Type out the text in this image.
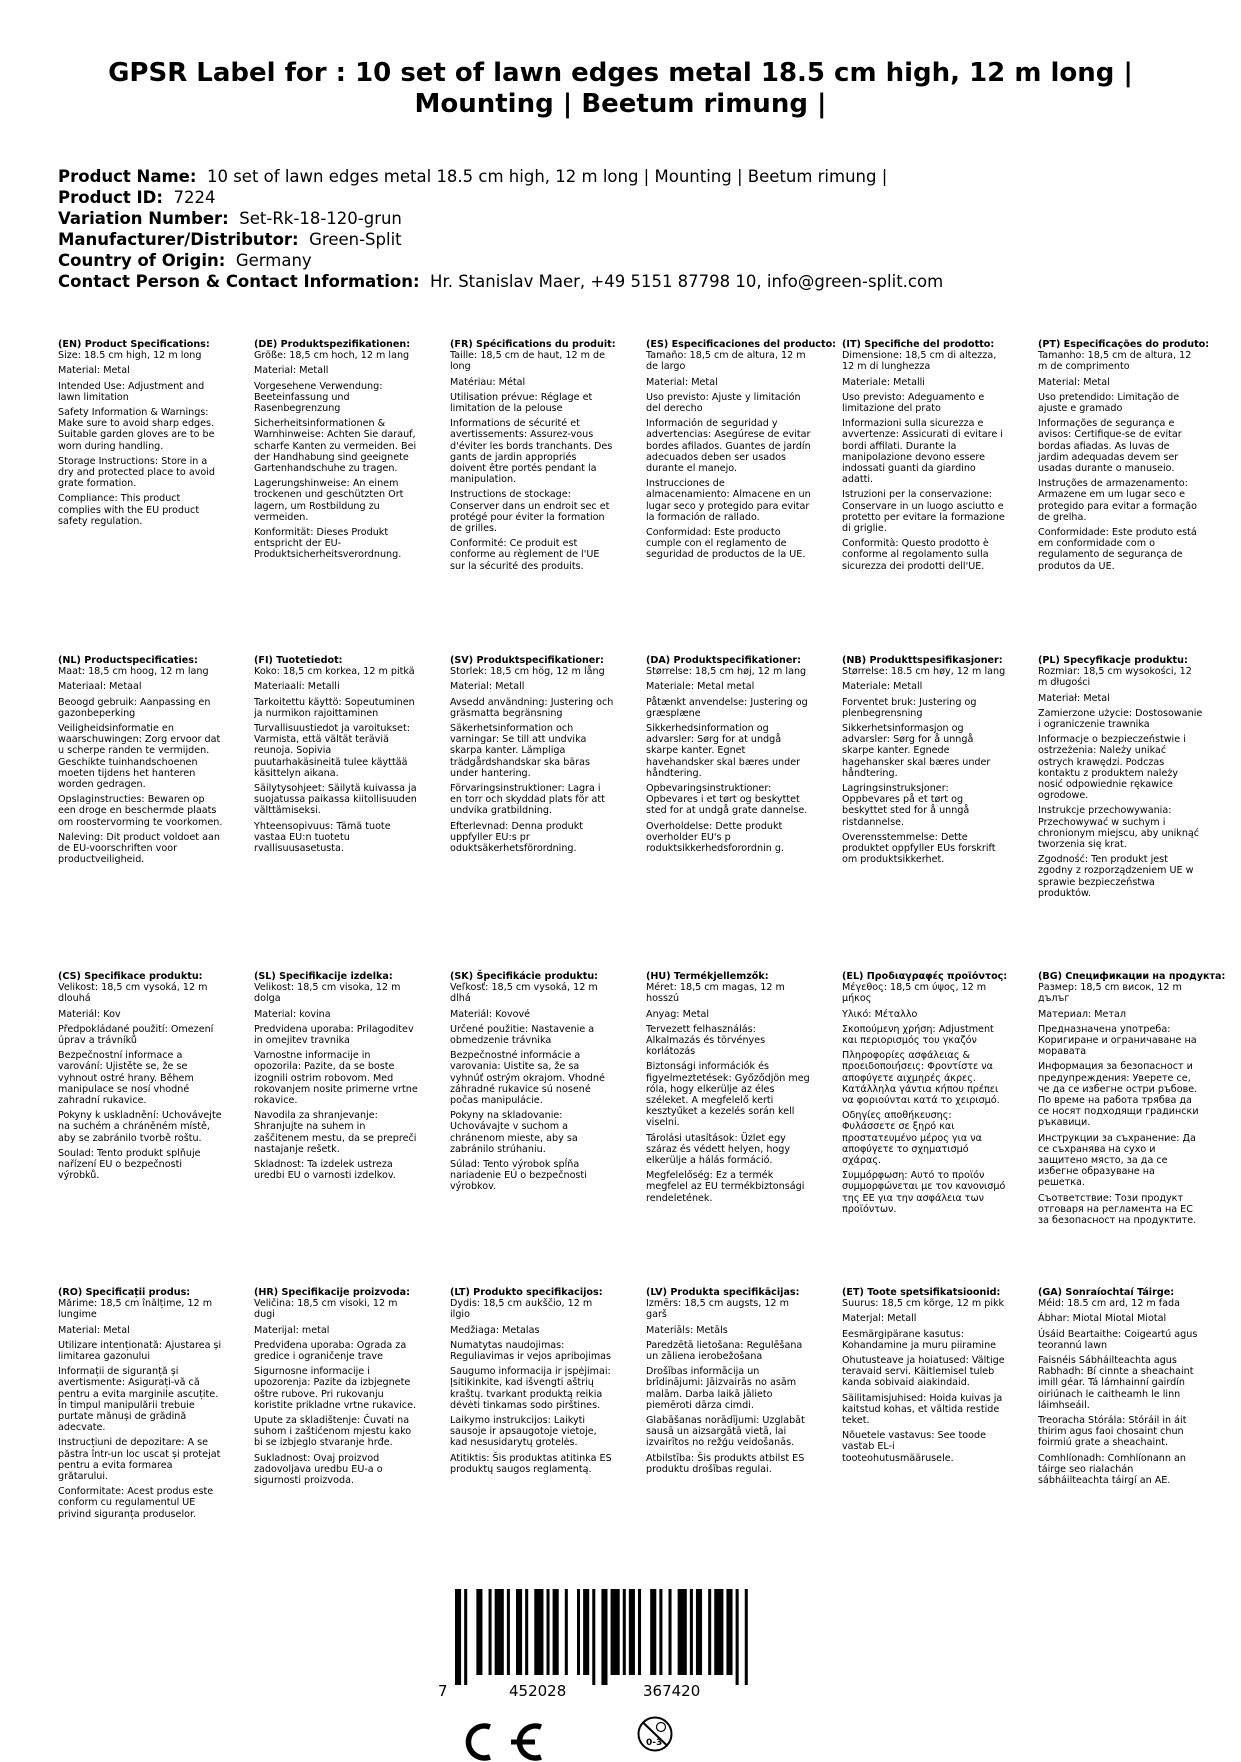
GPSR Label for : 10 set of lawn edges metal 18.5 cm high, 12 m long | Mounting | Beetum rimung |
Product Name: 10 set of lawn edges metal 18.5 cm high, 12 m long | Mounting | Beetum rimung |
Product ID: 7224
Variation Number: Set-Rk-18-120-grun
Manufacturer/Distributor: Green-Split
Country of Origin: Germany
Contact Person & Contact Information: Hr. Stanislav Maer, +49 5151 87798 10, info@green-split.com
(EN) Product Specifications:
Size: 18.5 cm high, 12 m long
Material: Metal
Intended Use: Adjustment and lawn limitation
Safety Information & Warnings: Make sure to avoid sharp edges. Suitable garden gloves are to be worn during handling.
Storage Instructions: Store in a dry and protected place to avoid grate formation.
Compliance: This product complies with the EU product safety regulation.
(DE) Produktspezifikationen:
Größe: 18,5 cm hoch, 12 m lang
Material: Metall
Vorgesehene Verwendung: Beeteinfassung und Rasenbegrenzung
Sicherheitsinformationen & Warnhinweise: Achten Sie darauf, scharfe Kanten zu vermeiden. Bei der Handhabung sind geeignete Gartenhandschuhe zu tragen.
Lagerungshinweise: An einem trockenen und geschützten Ort lagern, um Rostbildung zu vermeiden.
Konformität: Dieses Produkt entspricht der EU-Produktsicherheitsverordnung.
(FR) Spécifications du produit:
Taille: 18,5 cm de haut, 12 m de long
Matériau: Métal
Utilisation prévue: Réglage et limitation de la pelouse
Informations de sécurité et avertissements: Assurez-vous d'éviter les bords tranchants. Des gants de jardin appropriés doivent être portés pendant la manipulation.
Instructions de stockage: Conserver dans un endroit sec et protégé pour éviter la formation de grilles.
Conformité: Ce produit est conforme au règlement de l'UE sur la sécurité des produits.
(ES) Especificaciones del producto:
Tamaño: 18,5 cm de altura, 12 m de largo
Material: Metal
Uso previsto: Ajuste y limitación del derecho
Información de seguridad y advertencias: Asegúrese de evitar bordes afilados. Guantes de jardín adecuados deben ser usados durante el manejo.
Instrucciones de almacenamiento: Almacene en un lugar seco y protegido para evitar la formación de rallado.
Conformidad: Este producto cumple con el reglamento de seguridad de productos de la UE.
(IT) Specifiche del prodotto:
Dimensione: 18,5 cm di altezza, 12 m di lunghezza
Materiale: Metalli
Uso previsto: Adeguamento e limitazione del prato
Informazioni sulla sicurezza e avvertenze: Assicurati di evitare i bordi affilati. Durante la manipolazione devono essere indossati guanti da giardino adatti.
Istruzioni per la conservazione: Conservare in un luogo asciutto e protetto per evitare la formazione di griglie.
Conformità: Questo prodotto è conforme al regolamento sulla sicurezza dei prodotti dell'UE.
(PT) Especificações do produto:
Tamanho: 18,5 cm de altura, 12 m de comprimento
Material: Metal
Uso pretendido: Limitação de ajuste e gramado
Informações de segurança e avisos: Certifique-se de evitar bordas afiadas. As luvas de jardim adequadas devem ser usadas durante o manuseio.
Instruções de armazenamento: Armazene em um lugar seco e protegido para evitar a formação de grelha.
Conformidade: Este produto está em conformidade com o regulamento de segurança de produtos da UE.
(NL) Productspecificaties:
Maat: 18,5 cm hoog, 12 m lang
Materiaal: Metaal
Beoogd gebruik: Aanpassing en gazonbeperking
Veiligheidsinformatie en waarschuwingen: Zorg ervoor dat u scherpe randen te vermijden. Geschikte tuinhandschoenen moeten tijdens het hanteren worden gedragen.
Opslaginstructies: Bewaren op een droge en beschermde plaats om roostervorming te voorkomen.
Naleving: Dit product voldoet aan de EU-voorschriften voor productveiligheid.
(FI) Tuotetiedot:
Koko: 18,5 cm korkea, 12 m pitkä
Materiaali: Metalli
Tarkoitettu käyttö: Sopeutuminen ja nurmikon rajoittaminen
Turvallisuustiedot ja varoitukset: Varmista, että vältät teräviä reunoja. Sopivia puutarhakäsineitä tulee käyttää käsittelyn aikana.
Säilytysohjeet: Säilytä kuivassa ja suojatussa paikassa kiitollisuuden välttämiseksi.
Yhteensopivuus: Tämä tuote vastaa EU:n tuotetu rvallisuusasetusta.
(SV) Produktspecifikationer:
Storlek: 18,5 cm hög, 12 m lång
Material: Metall
Avsedd användning: Justering och gräsmatta begränsning
Säkerhetsinformation och varningar: Se till att undvika skarpa kanter. Lämpliga trädgårdshandskar ska bäras under hantering.
Förvaringsinstruktioner: Lagra i en torr och skyddad plats för att undvika gratbildning.
Efterlevnad: Denna produkt uppfyller EU:s pr oduktsäkerhetsförordning.
(DA) Produktspecifikationer:
Størrelse: 18,5 cm høj, 12 m lang
Materiale: Metal metal
Påtænkt anvendelse: Justering og græsplæne
Sikkerhedsinformation og advarsler: Sørg for at undgå skarpe kanter. Egnet havehandsker skal bæres under håndtering.
Opbevaringsinstruktioner: Opbevares i et tørt og beskyttet sted for at undgå grate dannelse.
Overholdelse: Dette produkt overholder EU's p roduktsikkerhedsforordnin g.
(NB) Produkttspesifikasjoner:
Størrelse: 18.5 cm høy, 12 m lang
Materiale: Metall
Forventet bruk: Justering og plenbegrensning
Sikkerhetsinformasjon og advarsler: Sørg for å unngå skarpe kanter. Egnede hagehansker skal bæres under håndtering.
Lagringsinstruksjoner: Oppbevares på et tørt og beskyttet sted for å unngå ristdannelse.
Overensstemmelse: Dette produktet oppfyller EUs forskrift om produktsikkerhet.
(PL) Specyfikacje produktu:
Rozmiar: 18,5 cm wysokości, 12 m długości
Materiał: Metal
Zamierzone użycie: Dostosowanie i ograniczenie trawnika
Informacje o bezpieczeństwie i ostrzeżenia: Należy unikać ostrych krawędzi. Podczas kontaktu z produktem należy nosić odpowiednie rękawice ogrodowe.
Instrukcje przechowywania: Przechowywać w suchym i chronionym miejscu, aby uniknąć tworzenia się krat.
Zgodność: Ten produkt jest zgodny z rozporządzeniem UE w sprawie bezpieczeństwa produktów.
(CS) Specifikace produktu:
Velikost: 18,5 cm vysoká, 12 m dlouhá
Materiál: Kov
Předpokládané použití: Omezení úprav a trávníků
Bezpečnostní informace a varování: Ujistěte se, že se vyhnout ostré hrany. Během manipulace se nosí vhodné zahradní rukavice.
Pokyny k uskladnění: Uchovávejte na suchém a chráněném místě, aby se zabránilo tvorbě roštu.
Soulad: Tento produkt splňuje nařízení EU o bezpečnosti výrobků.
(SL) Specifikacije izdelka:
Velikost: 18,5 cm visoka, 12 m dolga
Material: kovina
Predvidena uporaba: Prilagoditev in omejitev travnika
Varnostne informacije in opozorila: Pazite, da se boste izognili ostrim robovom. Med rokovanjem nosite primerne vrtne rokavice.
Navodila za shranjevanje: Shranjujte na suhem in zaščitenem mestu, da se prepreči nastajanje rešetk.
Skladnost: Ta izdelek ustreza uredbi EU o varnosti izdelkov.
(SK) Špecifikácie produktu:
Veľkosť: 18,5 cm vysoká, 12 m dlhá
Materiál: Kovové
Určené použitie: Nastavenie a obmedzenie trávnika
Bezpečnostné informácie a varovania: Uistite sa, že sa vyhnúť ostrým okrajom. Vhodné záhradné rukavice sú nosené počas manipulácie.
Pokyny na skladovanie: Uchovávajte v suchom a chránenom mieste, aby sa zabránilo strúhaniu.
Súlad: Tento výrobok spĺňa nariadenie EÚ o bezpečnosti výrobkov.
(HU) Termékjellemzők:
Méret: 18,5 cm magas, 12 m hosszú
Anyag: Metal
Tervezett felhasználás: Alkalmazás és törvényes korlátozás
Biztonsági információk és figyelmeztetések: Győződjön meg róla, hogy elkerülje az éles széleket. A megfelelő kerti kesztyűket a kezelés során kell viselni.
Tárolási utasítások: Üzlet egy száraz és védett helyen, hogy elkerülje a hálás formáció.
Megfelelőség: Ez a termék megfelel az EU termékbiztonsági rendeletének.
(EL) Προδιαγραφές προϊόντος:
Μέγεθος: 18,5 cm ύψος, 12 m μήκος
Υλικό: Μέταλλο
Σκοπούμενη χρήση: Adjustment και περιορισμός του γκαζόν
Πληροφορίες ασφάλειας & προειδοποιήσεις: Φροντίστε να αποφύγετε αιχμηρές άκρες. Κατάλληλα γάντια κήπου πρέπει να φοριούνται κατά το χειρισμό.
Οδηγίες αποθήκευσης: Φυλάσσετε σε ξηρό και προστατευμένο μέρος για να αποφύγετε το σχηματισμό σχάρας.
Συμμόρφωση: Αυτό το προϊόν συμμορφώνεται με τον κανονισμό της ΕΕ για την ασφάλεια των προϊόντων.
(BG) Спецификации на продукта:
Размер: 18,5 cm висок, 12 m дълъг
Материал: Метал
Предназначена употреба: Коригиране и ограничаване на моравата
Информация за безопасност и предупреждения: Уверете се, че да се избегне остри ръбове. По време на работа трябва да се носят подходящи градински ръкавици.
Инструкции за съхранение: Да се съхранява на сухо и защитено място, за да се избегне образуване на решетка.
Съответствие: Този продукт отговаря на регламента на ЕС за безопасност на продуктите.
(RO) Specificații produs:
Mărime: 18,5 cm înălțime, 12 m lungime
Material: Metal
Utilizare intenționată: Ajustarea și limitarea gazonului
Informații de siguranță și avertismente: Asigurați-vă că pentru a evita marginile ascuțite. În timpul manipulării trebuie purtate mănuși de grădină adecvate.
Instrucțiuni de depozitare: A se păstra într-un loc uscat și protejat pentru a evita formarea grătarului.
Conformitate: Acest produs este conform cu regulamentul UE privind siguranța produselor.
(HR) Specifikacije proizvoda:
Veličina: 18,5 cm visoki, 12 m dugi
Materijal: metal
Predviđena uporaba: Ograda za gredice i ograničenje trave
Sigurnosne informacije i upozorenja: Pazite da izbjegnete oštre rubove. Pri rukovanju koristite prikladne vrtne rukavice.
Upute za skladištenje: Čuvati na suhom i zaštićenom mjestu kako bi se izbjeglo stvaranje hrđe.
Sukladnost: Ovaj proizvod zadovoljava uredbu EU-a o sigurnosti proizvoda.
(LT) Produkto specifikacijos:
Dydis: 18,5 cm aukščio, 12 m ilgio
Medžiaga: Metalas
Numatytas naudojimas: Reguliavimas ir vejos apribojimas
Saugumo informacija ir įspėjimai: Įsitikinkite, kad išvengti aštrių kraštų. tvarkant produktą reikia dėvėti tinkamas sodo pirštines.
Laikymo instrukcijos: Laikyti sausoje ir apsaugotoje vietoje, kad nesusidarytų grotelės.
Atitiktis: Šis produktas atitinka ES produktų saugos reglamentą.
(LV) Produkta specifikācijas:
Izmērs: 18,5 cm augsts, 12 m garš
Materiāls: Metāls
Paredzētā lietošana: Regulēšana un zāliena ierobežošana
Drošības informācija un brīdinājumi: Jāizvairās no asām malām. Darba laikā jālieto piemēroti dārza cimdi.
Glabāšanas norādījumi: Uzglabāt sausā un aizsargātā vietā, lai izvairītos no režģu veidošanās.
Atbilstība: Šis produkts atbilst ES produktu drošības regulai.
(ET) Toote spetsifikatsioonid:
Suurus: 18,5 cm kõrge, 12 m pikk
Materjal: Metall
Eesmärgipärane kasutus: Kohandamine ja muru piiramine
Ohutusteave ja hoiatused: Vältige teravaid servi. Käitlemisel tuleb kanda sobivaid aiakindaid.
Säilitamisjuhised: Hoida kuivas ja kaitstud kohas, et vältida restide teket.
Nõuetele vastavus: See toode vastab EL-i tooteohutusmäärusele.
(GA) Sonraíochtaí Táirge:
Méid: 18.5 cm ard, 12 m fada
Ábhar: Miotal Miotal Miotal
Úsáid Beartaithe: Coigeartú agus teorannú lawn
Faisnéis Sábháilteachta agus Rabhadh: Bí cinnte a sheachaint imill géar. Tá lámhainní gairdín oiriúnach le caitheamh le linn láimhseáil.
Treoracha Stórála: Stóráil in áit thirim agus faoi chosaint chun foirmiú grate a sheachaint.
Comhlíonadh: Comhlíonann an táirge seo rialachán sábháilteachta táirgí an AE.
7	452028	367420
0-3
